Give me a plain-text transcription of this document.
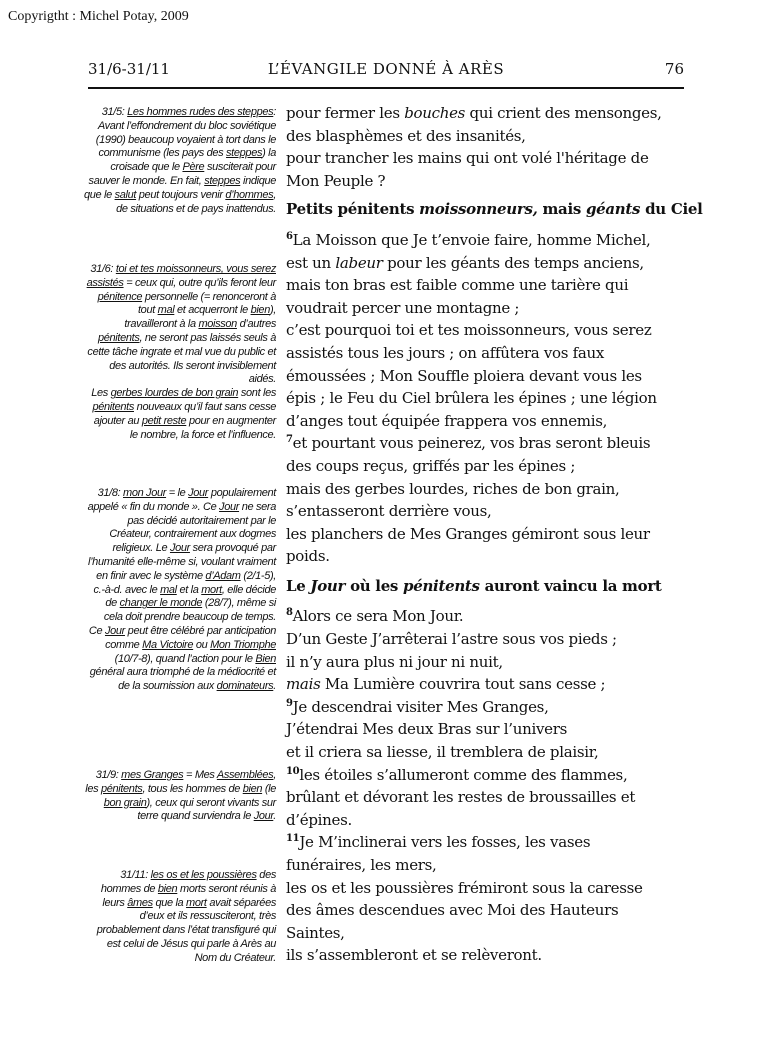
Copyrigtht : Michel Potay, 2009
31/6-31/11	L’ÉVANGILE DONNÉ À ARÈS	76

31/5: Les hommes rudes des steppes: Avant l’effondrement du bloc soviétique (1990) beaucoup voyaient à tort dans le communisme (les pays des steppes) la croisade que le Père susciterait pour sauver le monde. En fait, steppes indique que le salut peut toujours venir d’hommes, de situations et de pays inattendus.

31/6: toi et tes moissonneurs, vous serez assistés = ceux qui, outre qu’ils feront leur pénitence personnelle (= renonceront à tout mal et acquerront le bien), travailleront à la moisson d’autres pénitents, ne seront pas laissés seuls à cette tâche ingrate et mal vue du public et des autorités. Ils seront invisiblement aidés.
Les gerbes lourdes de bon grain sont les pénitents nouveaux qu’il faut sans cesse ajouter au petit reste pour en augmenter le nombre, la force et l’influence.

31/8: mon Jour = le Jour populairement appelé « fin du monde ». Ce Jour ne sera pas décidé autoritairement par le Créateur, contrairement aux dogmes religieux. Le Jour sera provoqué par l’humanité elle-même si, voulant vraiment en finir avec le système d’Adam (2/1-5), c.-à-d. avec le mal et la mort, elle décide de changer le monde (28/7), même si cela doit prendre beaucoup de temps.
Ce Jour peut être célébré par anticipation comme Ma Victoire ou Mon Triomphe (10/7-8), quand l’action pour le Bien général aura triomphé de la médiocrité et de la soumission aux dominateurs.

31/9: mes Granges = Mes Assemblées, les pénitents, tous les hommes de bien (le bon grain), ceux qui seront vivants sur terre quand surviendra le Jour.

31/11: les os et les poussières des hommes de bien morts seront réunis à leurs âmes que la mort avait séparées d’eux et ils ressusciteront, très probablement dans l’état transfiguré qui est celui de Jésus qui parle à Arès au Nom du Créateur.

pour fermer les bouches qui crient des mensonges,

des blasphèmes et des insanités,

pour trancher les mains qui ont volé l'héritage de

Mon Peuple ?

Petits pénitents moissonneurs, mais géants du Ciel

$^6$La Moisson que Je t’envoie faire, homme Michel,

est un labeur pour les géants des temps anciens,

mais ton bras est faible comme une tarière qui

voudrait percer une montagne ;

c’est pourquoi toi et tes moissonneurs, vous serez

assistés tous les jours ; on affûtera vos faux

émoussées ; Mon Souffle ploiera devant vous les

épis ; le Feu du Ciel brûlera les épines ; une légion

d’anges tout équipée frappera vos ennemis,

$^7$et pourtant vous peinerez, vos bras seront bleuis

des coups reçus, griffés par les épines ;

mais des gerbes lourdes, riches de bon grain,

s’entasseront derrière vous,

les planchers de Mes Granges gémiront sous leur

poids.

Le Jour où les pénitents auront vaincu la mort

$^8$Alors ce sera Mon Jour.

D’un Geste J’arrêterai l’astre sous vos pieds ;

il n’y aura plus ni jour ni nuit,

mais Ma Lumière couvrira tout sans cesse ;

$^9$Je descendrai visiter Mes Granges,

J’étendrai Mes deux Bras sur l’univers

et il criera sa liesse, il tremblera de plaisir,

$^{10}$les étoiles s’allumeront comme des flammes,

brûlant et dévorant les restes de broussailles et

d’épines.

$^{11}$Je M’inclinerai vers les fosses, les vases

funéraires, les mers,

les os et les poussières frémiront sous la caresse

des âmes descendues avec Moi des Hauteurs

Saintes,

ils s’assembleront et se relèveront.
